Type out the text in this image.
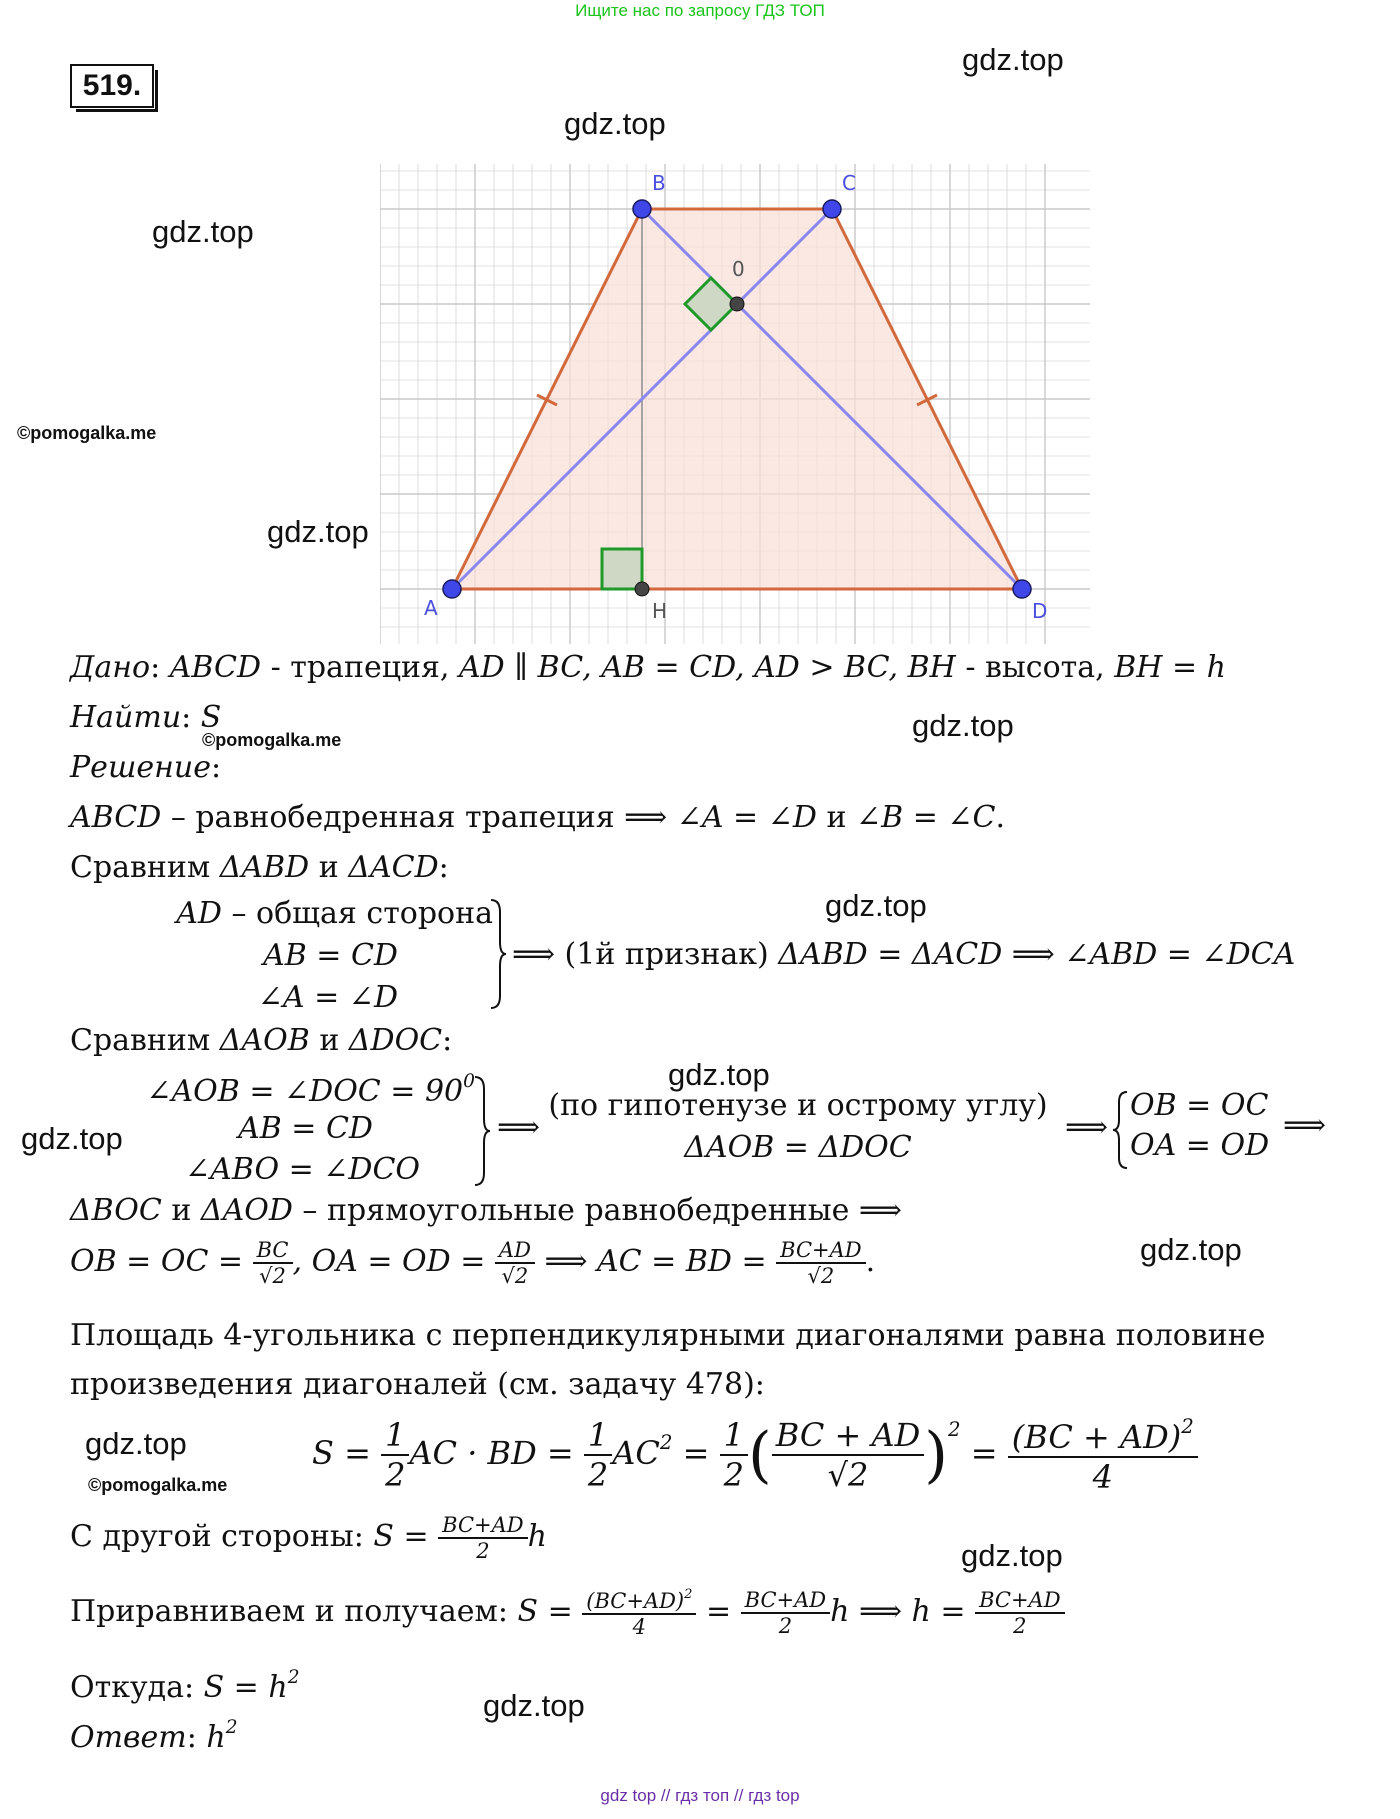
Ищите нас по запросу ГДЗ ТОП
519.
gdz.top
gdz.top
gdz.top
©pomogalka.me
gdz.top
©pomogalka.me	gdz.top
gdz.top
gdz.top
gdz.top
gdz.top
gdz.top
©pomogalka.me
gdz.top
gdz.top
B	C
0
A	H	D
Дано: ABCD - трапеция, AD ∥ BC, AB = CD, AD > BC, BH - высота, BH = h
Найти: S
Решение:
ABCD – равнобедренная трапеция ⟹ ∠A = ∠D и ∠B = ∠C.
Сравним ΔABD и ΔACD:
AD – общая сторона
AB = CD
∠A = ∠D
⟹ (1й признак) ΔABD = ΔACD ⟹ ∠ABD = ∠DCA
Сравним ΔAOB и ΔDOC:
∠AOB = ∠DOC = $90^0$
AB = CD
∠ABO = ∠DCO
⟹
(по гипотенузе и острому углу)
ΔAOB = ΔDOC
⟹
OB = OC
OA = OD
⟹
ΔBOC и ΔAOD – прямоугольные равнобедренные ⟹
OB = OC = $\frac{BC}{√2}$ , OA = OD = $\frac{AD}{√2}$ ⟹ AC = BD = $\frac{BC+AD}{√2}$ .
Площадь 4-угольника с перпендикулярными диагоналями равна половине
произведения диагоналей (см. задачу 478):
$S = \frac{1}{2}$ AC · BD = $\frac{1}{2} AC^2 = \frac{1}{2}$ ( $\frac{BC + AD}{√2} )^2 = \frac{(BC + AD)^2}{4}$
С другой стороны: $S = \frac{BC+AD}{2}$ h
Приравниваем и получаем: $S = \frac{(BC+AD)^2}{4} = \frac{BC+AD}{2}$ h ⟹ $h = \frac{BC+AD}{2}$
Откуда: $S = h^2$
Ответ: $h^2$
gdz top // гдз топ // гдз top
